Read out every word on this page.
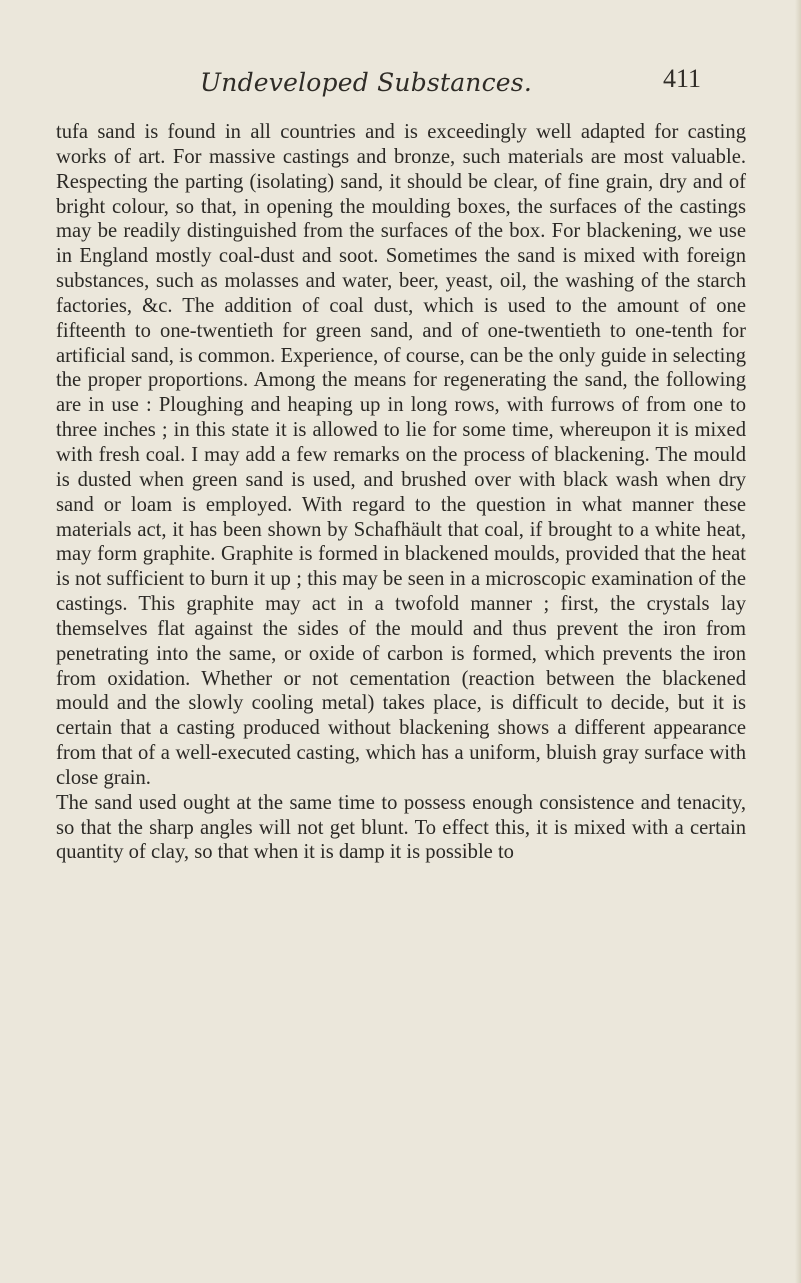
Undeveloped Substances.	411

tufa sand is found in all countries and is exceedingly well adapted for casting works of art. For massive castings and bronze, such materials are most valuable. Respecting the parting (isolating) sand, it should be clear, of fine grain, dry and of bright colour, so that, in opening the moulding boxes, the surfaces of the castings may be readily distinguished from the surfaces of the box. For blackening, we use in England mostly coal-dust and soot. Sometimes the sand is mixed with foreign substances, such as molasses and water, beer, yeast, oil, the washing of the starch factories, &c. The addition of coal dust, which is used to the amount of one fifteenth to one-twentieth for green sand, and of one-twentieth to one-tenth for artificial sand, is common. Experience, of course, can be the only guide in selecting the proper proportions. Among the means for regenerating the sand, the following are in use : Ploughing and heaping up in long rows, with furrows of from one to three inches ; in this state it is allowed to lie for some time, whereupon it is mixed with fresh coal. I may add a few remarks on the process of blackening. The mould is dusted when green sand is used, and brushed over with black wash when dry sand or loam is employed. With regard to the question in what manner these materials act, it has been shown by Schafhäult that coal, if brought to a white heat, may form graphite. Graphite is formed in blackened moulds, provided that the heat is not sufficient to burn it up ; this may be seen in a microscopic examination of the castings. This graphite may act in a twofold manner ; first, the crystals lay themselves flat against the sides of the mould and thus prevent the iron from penetrating into the same, or oxide of carbon is formed, which prevents the iron from oxidation. Whether or not cementation (reaction between the blackened mould and the slowly cooling metal) takes place, is difficult to decide, but it is certain that a casting produced without blackening shows a different appearance from that of a well-executed casting, which has a uniform, bluish gray surface with close grain.

The sand used ought at the same time to possess enough consistence and tenacity, so that the sharp angles will not get blunt. To effect this, it is mixed with a certain quantity of clay, so that when it is damp it is possible to
